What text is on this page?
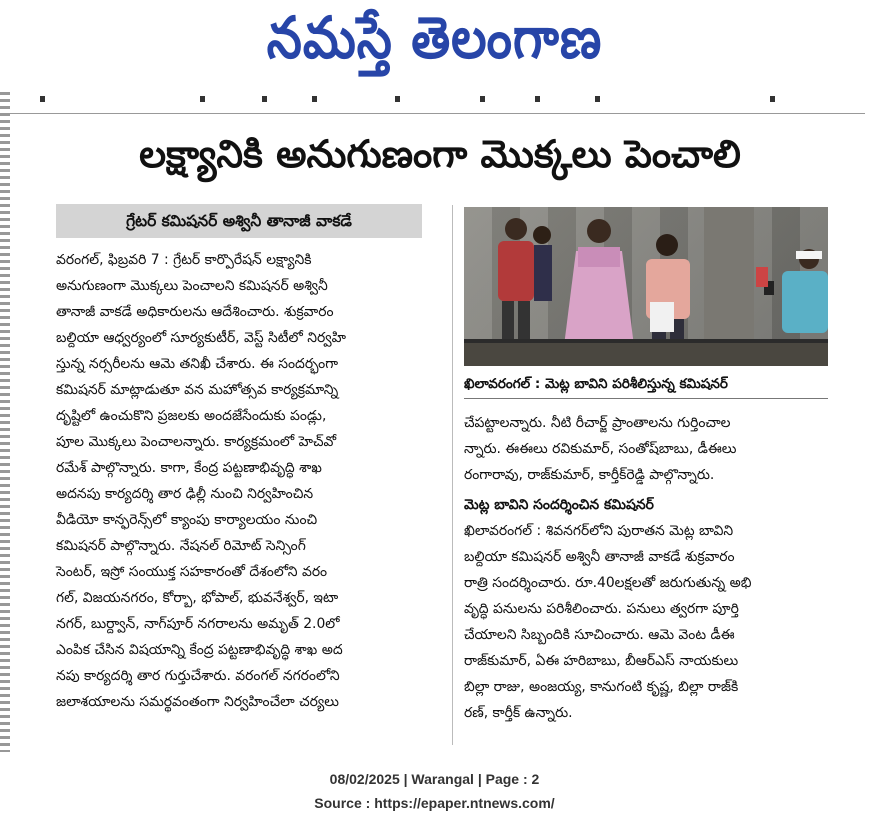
నమస్తే తెలంగాణ
లక్ష్యానికి అనుగుణంగా మొక్కలు పెంచాలి
గ్రేటర్ కమిషనర్ అశ్వినీ తానాజీ వాకడే

వరంగల్, ఫిబ్రవరి 7 : గ్రేటర్ కార్పొరేషన్ లక్ష్యానికి

అనుగుణంగా మొక్కలు పెంచాలని కమిషనర్ అశ్వినీ

తానాజీ వాకడే అధికారులను ఆదేశించారు. శుక్రవారం

బల్దియా ఆధ్వర్యంలో సూర్యకుటీర్, వెస్ట్ సిటీలో నిర్వహి

స్తున్న నర్సరీలను ఆమె తనిఖీ చేశారు. ఈ సందర్భంగా

కమిషనర్ మాట్లాడుతూ వన మహోత్సవ కార్యక్రమాన్ని

దృష్టిలో ఉంచుకొని ప్రజలకు అందజేసేందుకు పండ్లు,

పూల మొక్కలు పెంచాలన్నారు. కార్యక్రమంలో హెచ్‌వో

రమేశ్ పాల్గొన్నారు. కాగా, కేంద్ర పట్టణాభివృద్ధి శాఖ

అదనపు కార్యదర్శి తార ఢిల్లీ నుంచి నిర్వహించిన

వీడియో కాన్ఫరెన్స్‌లో క్యాంపు కార్యాలయం నుంచి

కమిషనర్ పాల్గొన్నారు. నేషనల్ రిమోట్ సెన్సింగ్

సెంటర్, ఇస్రో సంయుక్త సహకారంతో దేశంలోని వరం

గల్, విజయనగరం, కోర్బా, భోపాల్, భువనేశ్వర్, ఇటా

నగర్, బుర్ద్వాన్, నాగ్‌పూర్ నగరాలను అమృత్ 2.0లో

ఎంపిక చేసిన విషయాన్ని కేంద్ర పట్టణాభివృద్ధి శాఖ అద

నపు కార్యదర్శి తార గుర్తుచేశారు. వరంగల్ నగరంలోని

జలాశయాలను సమర్థవంతంగా నిర్వహించేలా చర్యలు

ఖిలావరంగల్ : మెట్ల బావిని పరిశీలిస్తున్న కమిషనర్

చేపట్టాలన్నారు. నీటి రీచార్జ్ ప్రాంతాలను గుర్తించాల

న్నారు. ఈఈలు రవికుమార్, సంతోష్‌బాబు, డీఈలు

రంగారావు, రాజ్‌కుమార్, కార్తీక్‌రెడ్డి పాల్గొన్నారు.

మెట్ల బావిని సందర్శించిన కమిషనర్

ఖిలావరంగల్ : శివనగర్‌లోని పురాతన మెట్ల బావిని

బల్దియా కమిషనర్ అశ్వినీ తానాజీ వాకడే శుక్రవారం

రాత్రి సందర్శించారు. రూ.40లక్షలతో జరుగుతున్న అభి

వృద్ధి పనులను పరిశీలించారు. పనులు త్వరగా పూర్తి

చేయాలని సిబ్బందికి సూచించారు. ఆమె వెంట డీఈ

రాజ్‌కుమార్, ఏఈ హరిబాబు, బీఆర్ఎస్ నాయకులు

బిల్లా రాజు, అంజయ్య, కానుగంటి కృష్ణ, బిల్లా రాజ్‌కి

రణ్, కార్తీక్ ఉన్నారు.

08/02/2025 | Warangal | Page : 2
Source : https://epaper.ntnews.com/
